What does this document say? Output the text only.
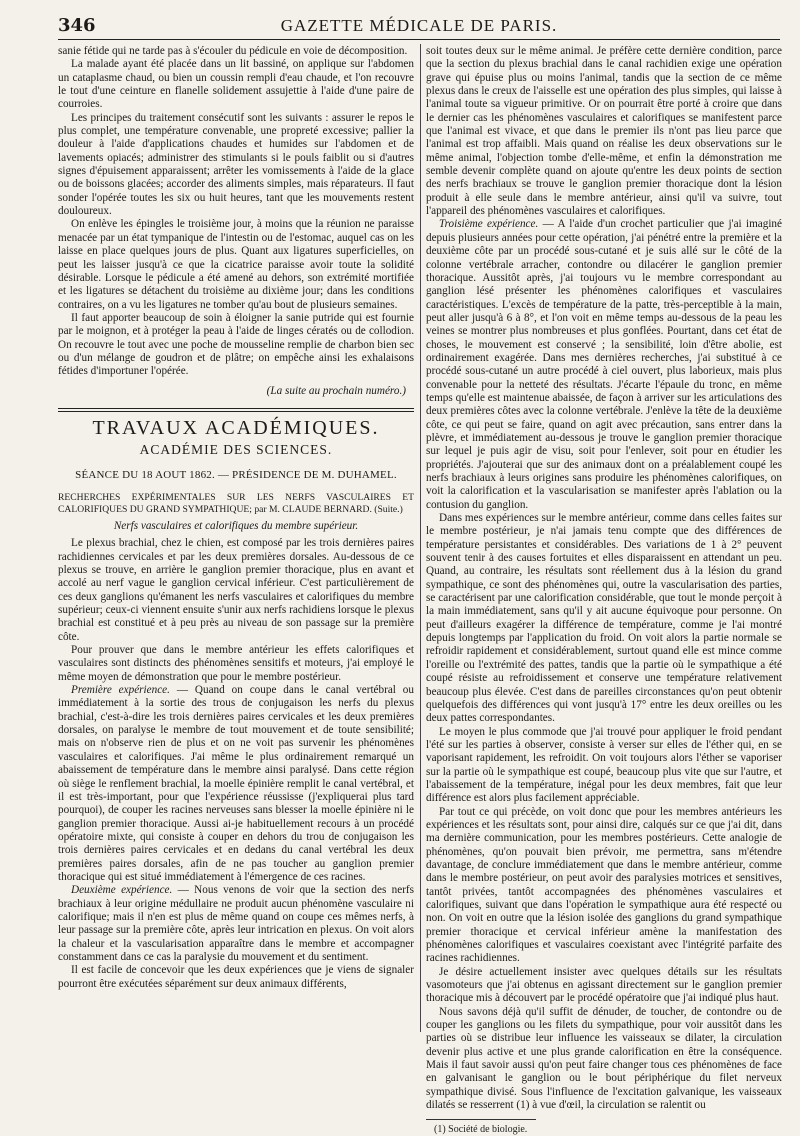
346	GAZETTE MÉDICALE DE PARIS.

sanie fétide qui ne tarde pas à s'écouler du pédicule en voie de décomposition.

La malade ayant été placée dans un lit bassiné, on applique sur l'abdomen un cataplasme chaud, ou bien un coussin rempli d'eau chaude, et l'on recouvre le tout d'une ceinture en flanelle solidement assujettie à l'aide d'une paire de courroies.

Les principes du traitement consécutif sont les suivants : assurer le repos le plus complet, une température convenable, une propreté excessive; pallier la douleur à l'aide d'applications chaudes et humides sur l'abdomen et de lavements opiacés; administrer des stimulants si le pouls faiblit ou si d'autres signes d'épuisement apparaissent; arrêter les vomissements à l'aide de la glace ou de boissons glacées; accorder des aliments simples, mais réparateurs. Il faut sonder l'opérée toutes les six ou huit heures, tant que les mouvements restent douloureux.

On enlève les épingles le troisième jour, à moins que la réunion ne paraisse menacée par un état tympanique de l'intestin ou de l'estomac, auquel cas on les laisse en place quelques jours de plus. Quant aux ligatures superficielles, on peut les laisser jusqu'à ce que la cicatrice paraisse avoir toute la solidité désirable. Lorsque le pédicule a été amené au dehors, son extrémité mortifiée et les ligatures se détachent du troisième au dixième jour; dans les conditions contraires, on a vu les ligatures ne tomber qu'au bout de plusieurs semaines.

Il faut apporter beaucoup de soin à éloigner la sanie putride qui est fournie par le moignon, et à protéger la peau à l'aide de linges cératés ou de collodion. On recouvre le tout avec une poche de mousseline remplie de charbon bien sec ou d'un mélange de goudron et de plâtre; on empêche ainsi les exhalaisons fétides d'importuner l'opérée.

(La suite au prochain numéro.)
TRAVAUX ACADÉMIQUES.
ACADÉMIE DES SCIENCES.
SÉANCE DU 18 AOUT 1862. — PRÉSIDENCE DE M. DUHAMEL.

RECHERCHES EXPÉRIMENTALES SUR LES NERFS VASCULAIRES ET CALORIFIQUES DU GRAND SYMPATHIQUE; par M. CLAUDE BERNARD. (Suite.)

Nerfs vasculaires et calorifiques du membre supérieur.

Le plexus brachial, chez le chien, est composé par les trois dernières paires rachidiennes cervicales et par les deux premières dorsales. Au-dessous de ce plexus se trouve, en arrière le ganglion premier thoracique, plus en avant et accolé au nerf vague le ganglion cervical inférieur. C'est particulièrement de ces deux ganglions qu'émanent les nerfs vasculaires et calorifiques du membre supérieur; ceux-ci viennent ensuite s'unir aux nerfs rachidiens lorsque le plexus brachial est constitué et à peu près au niveau de son passage sur la première côte.

Pour prouver que dans le membre antérieur les effets calorifiques et vasculaires sont distincts des phénomènes sensitifs et moteurs, j'ai employé le même moyen de démonstration que pour le membre postérieur.

Première expérience. — Quand on coupe dans le canal vertébral ou immédiatement à la sortie des trous de conjugaison les nerfs du plexus brachial, c'est-à-dire les trois dernières paires cervicales et les deux premières dorsales, on paralyse le membre de tout mouvement et de toute sensibilité; mais on n'observe rien de plus et on ne voit pas survenir les phénomènes vasculaires et calorifiques. J'ai même le plus ordinairement remarqué un abaissement de température dans le membre ainsi paralysé. Dans cette région où siège le renflement brachial, la moelle épinière remplit le canal vertébral, et il est très-important, pour que l'expérience réussisse (j'expliquerai plus tard pourquoi), de couper les racines nerveuses sans blesser la moelle épinière ni le ganglion premier thoracique. Aussi ai-je habituellement recours à un procédé opératoire mixte, qui consiste à couper en dehors du trou de conjugaison les trois dernières paires cervicales et en dedans du canal vertébral les deux premières paires dorsales, afin de ne pas toucher au ganglion premier thoracique qui est situé immédiatement à l'émergence de ces racines.

Deuxième expérience. — Nous venons de voir que la section des nerfs brachiaux à leur origine médullaire ne produit aucun phénomène vasculaire ni calorifique; mais il n'en est plus de même quand on coupe ces mêmes nerfs, à leur passage sur la première côte, après leur intrication en plexus. On voit alors la chaleur et la vascularisation apparaître dans le membre et accompagner constamment dans ce cas la paralysie du mouvement et du sentiment.

Il est facile de concevoir que les deux expériences que je viens de signaler pourront être exécutées séparément sur deux animaux différents,

soit toutes deux sur le même animal. Je préfère cette dernière condition, parce que la section du plexus brachial dans le canal rachidien exige une opération grave qui épuise plus ou moins l'animal, tandis que la section de ce même plexus dans le creux de l'aisselle est une opération des plus simples, qui laisse à l'animal toute sa vigueur primitive. Or on pourrait être porté à croire que dans le dernier cas les phénomènes vasculaires et calorifiques se manifestent parce que l'animal est vivace, et que dans le premier ils n'ont pas lieu parce que l'animal est trop affaibli. Mais quand on réalise les deux observations sur le même animal, l'objection tombe d'elle-même, et enfin la démonstration me semble devenir complète quand on ajoute qu'entre les deux points de section des nerfs brachiaux se trouve le ganglion premier thoracique dont la lésion produit à elle seule dans le membre antérieur, ainsi qu'il va suivre, tout l'appareil des phénomènes vasculaires et calorifiques.

Troisième expérience. — A l'aide d'un crochet particulier que j'ai imaginé depuis plusieurs années pour cette opération, j'ai pénétré entre la première et la deuxième côte par un procédé sous-cutané et je suis allé sur le côté de la colonne vertébrale arracher, contondre ou dilacérer le ganglion premier thoracique. Aussitôt après, j'ai toujours vu le membre correspondant au ganglion lésé présenter les phénomènes calorifiques et vasculaires caractéristiques. L'excès de température de la patte, très-perceptible à la main, peut aller jusqu'à 6 à 8°, et l'on voit en même temps au-dessous de la peau les veines se montrer plus nombreuses et plus gonflées. Pourtant, dans cet état de choses, le mouvement est conservé ; la sensibilité, loin d'être abolie, est ordinairement exagérée. Dans mes dernières recherches, j'ai substitué à ce procédé sous-cutané un autre procédé à ciel ouvert, plus laborieux, mais plus convenable pour la netteté des résultats. J'écarte l'épaule du tronc, en même temps qu'elle est maintenue abaissée, de façon à arriver sur les articulations des deux premières côtes avec la colonne vertébrale. J'enlève la tête de la deuxième côte, ce qui peut se faire, quand on agit avec précaution, sans entrer dans la plèvre, et immédiatement au-dessous je trouve le ganglion premier thoracique sur lequel je puis agir de visu, soit pour l'enlever, soit pour en étudier les propriétés. J'ajouterai que sur des animaux dont on a préalablement coupé les nerfs brachiaux à leurs origines sans produire les phénomènes calorifiques, on voit la calorification et la vascularisation se manifester après l'ablation ou la contusion du ganglion.

Dans mes expériences sur le membre antérieur, comme dans celles faites sur le membre postérieur, je n'ai jamais tenu compte que des différences de température persistantes et considérables. Des variations de 1 à 2° peuvent souvent tenir à des causes fortuites et elles disparaissent en attendant un peu. Quand, au contraire, les résultats sont réellement dus à la lésion du grand sympathique, ce sont des phénomènes qui, outre la vascularisation des parties, se caractérisent par une calorification considérable, que tout le monde perçoit à la main immédiatement, sans qu'il y ait aucune équivoque pour personne. On peut d'ailleurs exagérer la différence de température, comme je l'ai montré depuis longtemps par l'application du froid. On voit alors la partie normale se refroidir rapidement et considérablement, surtout quand elle est mince comme l'oreille ou l'extrémité des pattes, tandis que la partie où le sympathique a été coupé résiste au refroidissement et conserve une température relativement beaucoup plus élevée. C'est dans de pareilles circonstances qu'on peut obtenir quelquefois des différences qui vont jusqu'à 17° entre les deux oreilles ou les deux pattes correspondantes.

Le moyen le plus commode que j'ai trouvé pour appliquer le froid pendant l'été sur les parties à observer, consiste à verser sur elles de l'éther qui, en se vaporisant rapidement, les refroidit. On voit toujours alors l'éther se vaporiser sur la partie où le sympathique est coupé, beaucoup plus vite que sur l'autre, et l'abaissement de la température, inégal pour les deux membres, fait que leur différence est alors plus facilement appréciable.

Par tout ce qui précède, on voit donc que pour les membres antérieurs les expériences et les résultats sont, pour ainsi dire, calqués sur ce que j'ai dit, dans ma dernière communication, pour les membres postérieurs. Cette analogie de phénomènes, qu'on pouvait bien prévoir, me permettra, sans m'étendre davantage, de conclure immédiatement que dans le membre antérieur, comme dans le membre postérieur, on peut avoir des paralysies motrices et sensitives, tantôt privées, tantôt accompagnées des phénomènes vasculaires et calorifiques, suivant que dans l'opération le sympathique aura été respecté ou non. On voit en outre que la lésion isolée des ganglions du grand sympathique premier thoracique et cervical inférieur amène la manifestation des phénomènes calorifiques et vasculaires coexistant avec l'intégrité parfaite des racines rachidiennes.

Je désire actuellement insister avec quelques détails sur les résultats vasomoteurs que j'ai obtenus en agissant directement sur le ganglion premier thoracique mis à découvert par le procédé opératoire que j'ai indiqué plus haut.

Nous savons déjà qu'il suffit de dénuder, de toucher, de contondre ou de couper les ganglions ou les filets du sympathique, pour voir aussitôt dans les parties où se distribue leur influence les vaisseaux se dilater, la circulation devenir plus active et une plus grande calorification en être la conséquence. Mais il faut savoir aussi qu'on peut faire changer tous ces phénomènes de face en galvanisant le ganglion ou le bout périphérique du filet nerveux sympathique divisé. Sous l'influence de l'excitation galvanique, les vaisseaux dilatés se resserrent (1) à vue d'œil, la circulation se ralentit ou

(1) Société de biologie.
